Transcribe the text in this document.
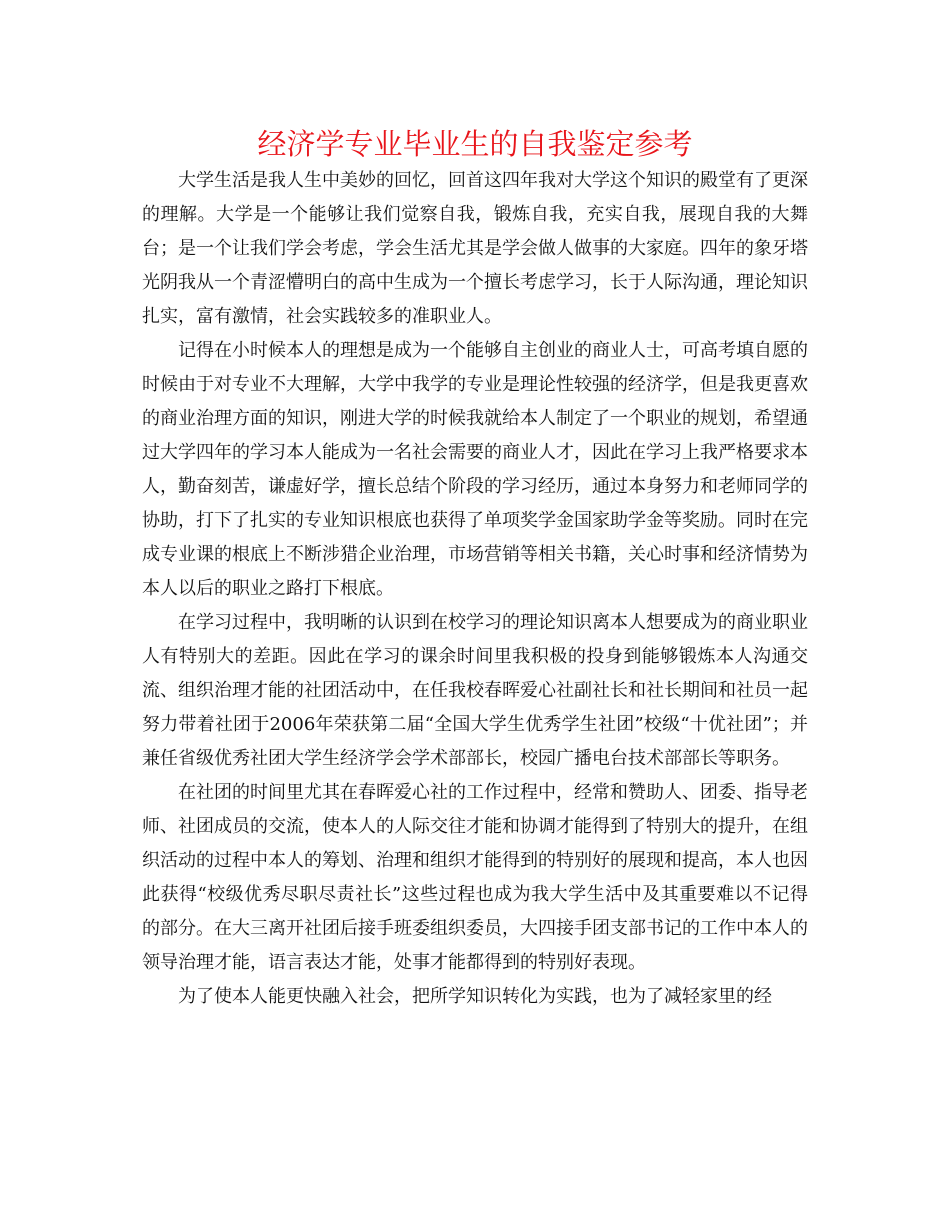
经济学专业毕业生的自我鉴定参考

大学生活是我人生中美妙的回忆，回首这四年我对大学这个知识的殿堂有了更深的理解。大学是一个能够让我们觉察自我，锻炼自我，充实自我，展现自我的大舞台；是一个让我们学会考虑，学会生活尤其是学会做人做事的大家庭。四年的象牙塔光阴我从一个青涩懵明白的高中生成为一个擅长考虑学习，长于人际沟通，理论知识扎实，富有激情，社会实践较多的准职业人。

记得在小时候本人的理想是成为一个能够自主创业的商业人士，可高考填自愿的时候由于对专业不大理解，大学中我学的专业是理论性较强的经济学，但是我更喜欢的商业治理方面的知识，刚进大学的时候我就给本人制定了一个职业的规划，希望通过大学四年的学习本人能成为一名社会需要的商业人才，因此在学习上我严格要求本人，勤奋刻苦，谦虚好学，擅长总结个阶段的学习经历，通过本身努力和老师同学的协助，打下了扎实的专业知识根底也获得了单项奖学金国家助学金等奖励。同时在完成专业课的根底上不断涉猎企业治理，市场营销等相关书籍，关心时事和经济情势为本人以后的职业之路打下根底。

在学习过程中，我明晰的认识到在校学习的理论知识离本人想要成为的商业职业人有特别大的差距。因此在学习的课余时间里我积极的投身到能够锻炼本人沟通交流、组织治理才能的社团活动中，在任我校春晖爱心社副社长和社长期间和社员一起努力带着社团于2006年荣获第二届“全国大学生优秀学生社团”校级“十优社团”；并兼任省级优秀社团大学生经济学会学术部部长，校园广播电台技术部部长等职务。

在社团的时间里尤其在春晖爱心社的工作过程中，经常和赞助人、团委、指导老师、社团成员的交流，使本人的人际交往才能和协调才能得到了特别大的提升，在组织活动的过程中本人的筹划、治理和组织才能得到的特别好的展现和提高，本人也因此获得“校级优秀尽职尽责社长”这些过程也成为我大学生活中及其重要难以不记得的部分。在大三离开社团后接手班委组织委员，大四接手团支部书记的工作中本人的领导治理才能，语言表达才能，处事才能都得到的特别好表现。

为了使本人能更快融入社会，把所学知识转化为实践，也为了减轻家里的经
